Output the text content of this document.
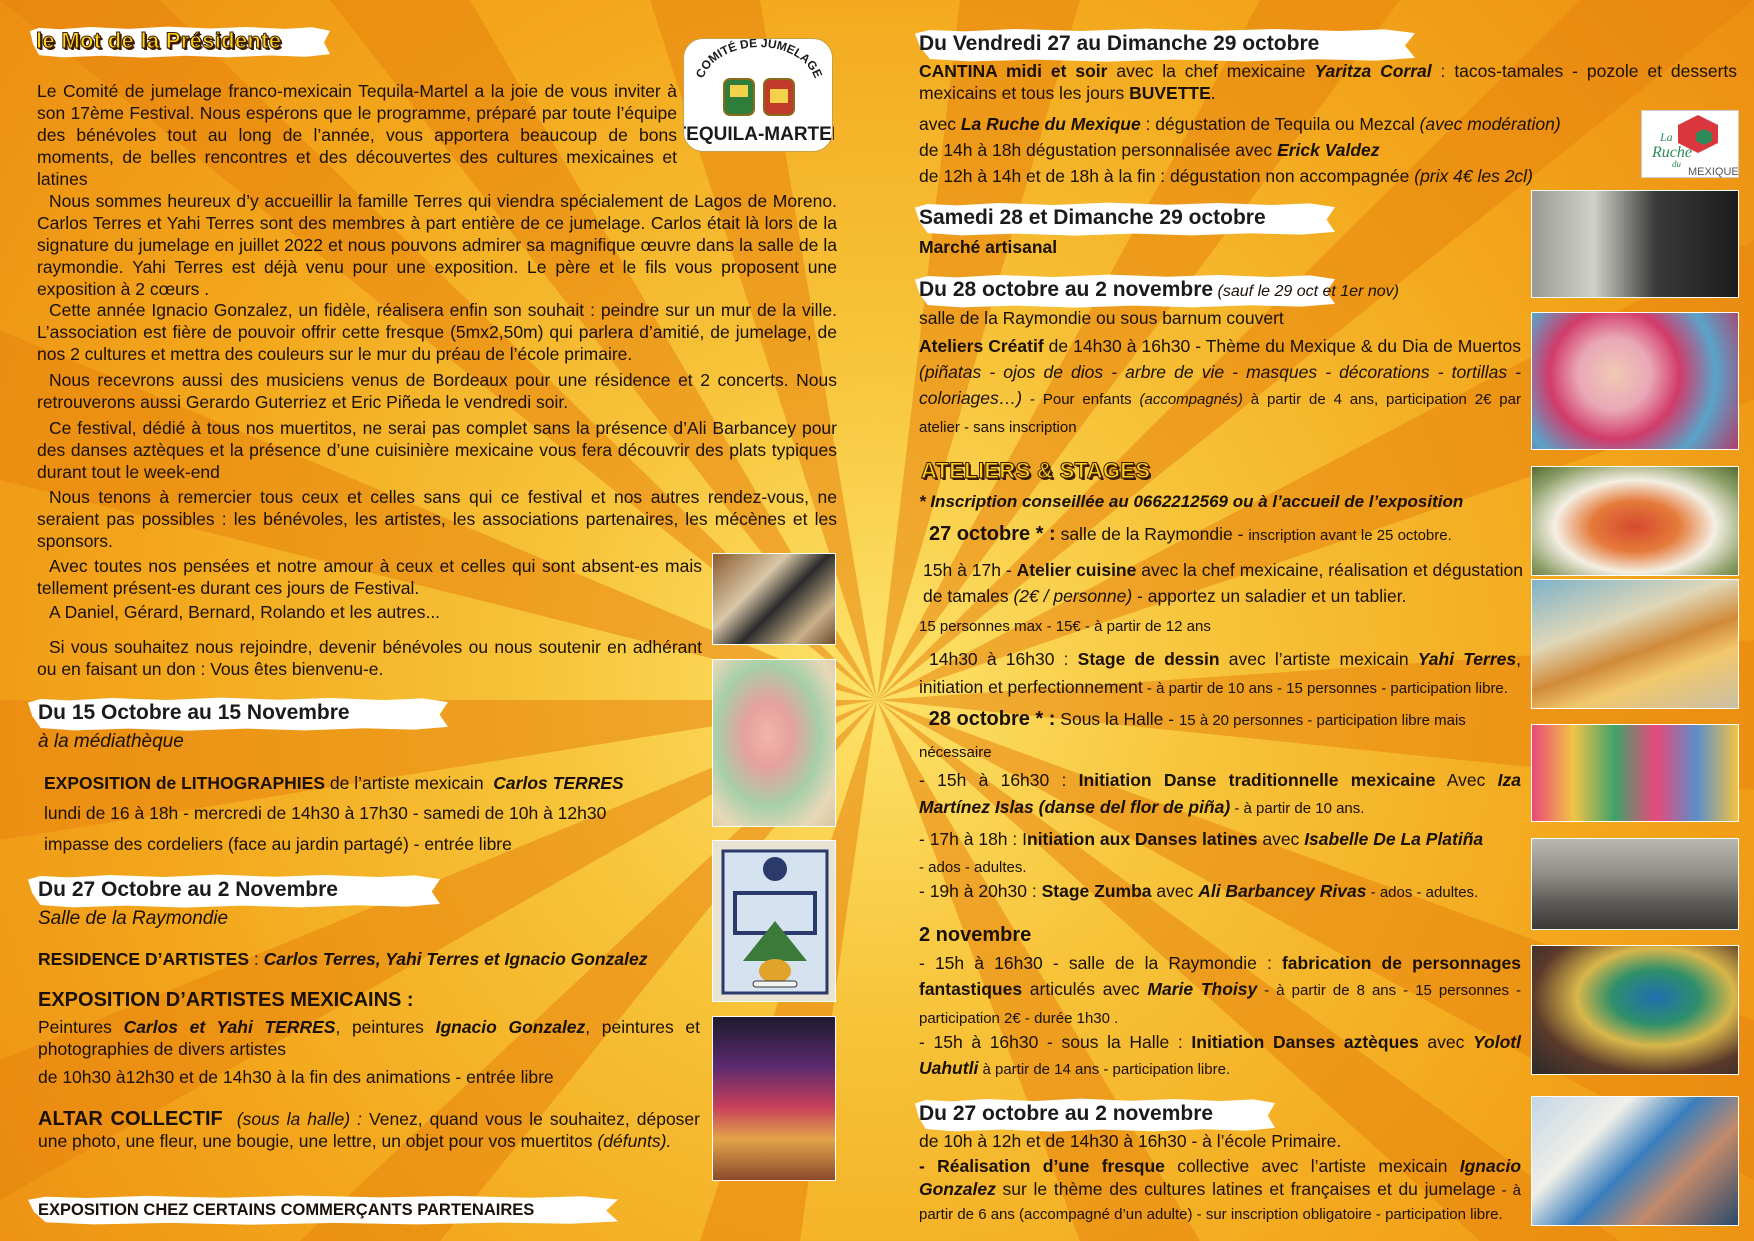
le Mot de la Présidente
COMITÉ DE JUMELAGE
EQUILA-MARTE
Le Comité de jumelage franco-mexicain Tequila-Martel a la joie de vous inviter à son 17ème Festival. Nous espérons que le programme, préparé par toute l’équipe des bénévoles tout au long de l’année, vous apportera beaucoup de bons moments, de belles rencontres et des découvertes des cultures mexicaines et latines
Nous sommes heureux d’y accueillir la famille Terres qui viendra spécialement de Lagos de Moreno. Carlos Terres et Yahi Terres sont des membres à part entière de ce jumelage. Carlos était là lors de la signature du jumelage en juillet 2022 et nous pouvons admirer sa magnifique œuvre dans la salle de la raymondie. Yahi Terres est déjà venu pour une exposition. Le père et le fils vous proposent une exposition à 2 cœurs .
Cette année Ignacio Gonzalez, un fidèle, réalisera enfin son souhait : peindre sur un mur de la ville. L’association est fière de pouvoir offrir cette fresque (5mx2,50m) qui parlera d’amitié, de jumelage, de nos 2 cultures et mettra des couleurs sur le mur du préau de l’école primaire.
Nous recevrons aussi des musiciens venus de Bordeaux pour une résidence et 2 concerts. Nous retrouverons aussi Gerardo Guterriez et Eric Piñeda le vendredi soir.
Ce festival, dédié à tous nos muertitos, ne serai pas complet sans la présence d’Ali Barbancey pour des danses aztèques et la présence d’une cuisinière mexicaine vous fera découvrir des plats typiques durant tout le week-end
Nous tenons à remercier tous ceux et celles sans qui ce festival et nos autres rendez-vous, ne seraient pas possibles : les bénévoles, les artistes, les associations partenaires, les mécènes et les sponsors.
Avec toutes nos pensées et notre amour à ceux et celles qui sont absent-es mais tellement présent-es durant ces jours de Festival.
A Daniel, Gérard, Bernard, Rolando et les autres...
Si vous souhaitez nous rejoindre, devenir bénévoles ou nous soutenir en adhérant ou en faisant un don : Vous êtes bienvenu-e.
Du 15 Octobre au 15 Novembre
à la médiathèque
EXPOSITION de LITHOGRAPHIES de l’artiste mexicain Carlos TERRES
lundi de 16 à 18h - mercredi de 14h30 à 17h30 - samedi de 10h à 12h30
impasse des cordeliers (face au jardin partagé) - entrée libre
Du 27 Octobre au 2 Novembre
Salle de la Raymondie
RESIDENCE D’ARTISTES : Carlos Terres, Yahi Terres et Ignacio Gonzalez
EXPOSITION D’ARTISTES MEXICAINS :
Peintures Carlos et Yahi TERRES, peintures Ignacio Gonzalez, peintures et photographies de divers artistes
de 10h30 à12h30 et de 14h30 à la fin des animations - entrée libre
ALTAR COLLECTIF (sous la halle) : Venez, quand vous le souhaitez, déposer une photo, une fleur, une bougie, une lettre, un objet pour vos muertitos (défunts).
EXPOSITION CHEZ CERTAINS COMMERÇANTS PARTENAIRES
Du Vendredi 27 au Dimanche 29 octobre
CANTINA midi et soir avec la chef mexicaine Yaritza Corral : tacos-tamales - pozole et desserts mexicains et tous les jours BUVETTE.
avec La Ruche du Mexique : dégustation de Tequila ou Mezcal (avec modération)
de 14h à 18h dégustation personnalisée avec Erick Valdez
de 12h à 14h et de 18h à la fin : dégustation non accompagnée (prix 4€ les 2cl)
La
Ruche
du
MEXIQUE
Samedi 28 et Dimanche 29 octobre
Marché artisanal
Du 28 octobre au 2 novembre (sauf le 29 oct et 1er nov)
salle de la Raymondie ou sous barnum couvert
Ateliers Créatif de 14h30 à 16h30 - Thème du Mexique & du Dia de Muertos (piñatas - ojos de dios - arbre de vie - masques - décorations - tortillas - coloriages…) - Pour enfants (accompagnés) à partir de 4 ans, participation 2€ par atelier - sans inscription
ATELIERS & STAGES
* Inscription conseillée au 0662212569 ou à l’accueil de l’exposition
27 octobre * : salle de la Raymondie - inscription avant le 25 octobre.
15h à 17h - Atelier cuisine avec la chef mexicaine, réalisation et dégustation de tamales (2€ / personne) - apportez un saladier et un tablier.
15 personnes max - 15€ - à partir de 12 ans
14h30 à 16h30 : Stage de dessin avec l’artiste mexicain Yahi Terres, initiation et perfectionnement - à partir de 10 ans - 15 personnes - participation libre.
28 octobre * : Sous la Halle - 15 à 20 personnes - participation libre mais nécessaire
- 15h à 16h30 : Initiation Danse traditionnelle mexicaine Avec Iza Martínez Islas (danse del flor de piña) - à partir de 10 ans.
- 17h à 18h : Initiation aux Danses latines avec Isabelle De La Platiña
- ados - adultes.
- 19h à 20h30 : Stage Zumba avec Ali Barbancey Rivas - ados - adultes.
2 novembre
- 15h à 16h30 - salle de la Raymondie : fabrication de personnages fantastiques articulés avec Marie Thoisy - à partir de 8 ans - 15 personnes - participation 2€ - durée 1h30 .
- 15h à 16h30 - sous la Halle : Initiation Danses aztèques avec Yolotl Uahutli à partir de 14 ans - participation libre.
Du 27 octobre au 2 novembre
de 10h à 12h et de 14h30 à 16h30 - à l’école Primaire.
- Réalisation d’une fresque collective avec l’artiste mexicain Ignacio Gonzalez sur le thème des cultures latines et françaises et du jumelage - à partir de 6 ans (accompagné d’un adulte) - sur inscription obligatoire - participation libre.
